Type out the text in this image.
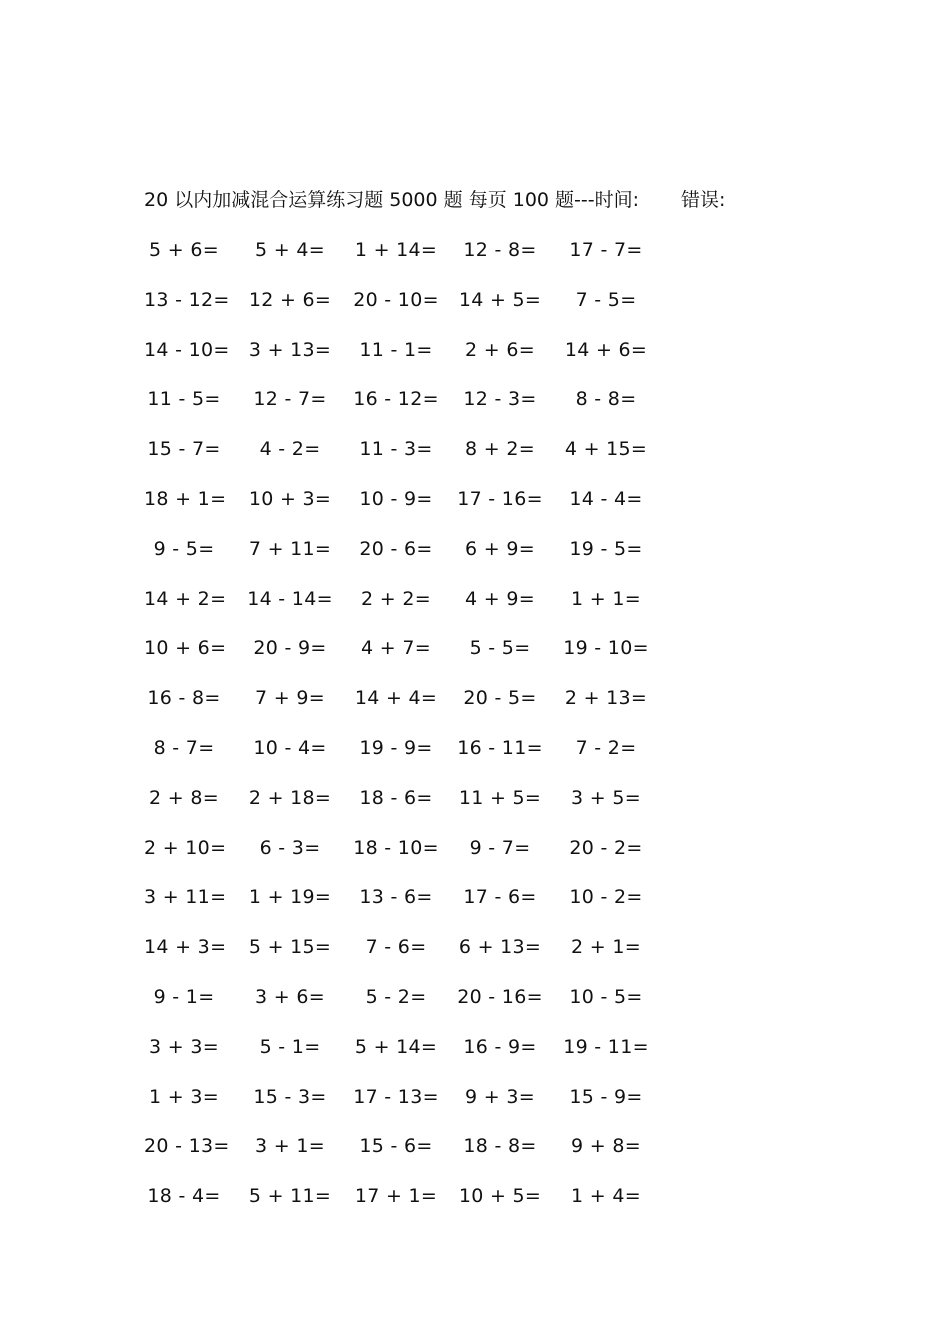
20 以内加减混合运算练习题 5000 题 每页 100 题---时间: 错误:
5 + 6= 5 + 4= 1 + 14= 12 - 8= 17 - 7=
13 - 12= 12 + 6= 20 - 10= 14 + 5= 7 - 5=
14 - 10= 3 + 13= 11 - 1= 2 + 6= 14 + 6=
11 - 5= 12 - 7= 16 - 12= 12 - 3= 8 - 8=
15 - 7= 4 - 2= 11 - 3= 8 + 2= 4 + 15=
18 + 1= 10 + 3= 10 - 9= 17 - 16= 14 - 4=
9 - 5= 7 + 11= 20 - 6= 6 + 9= 19 - 5=
14 + 2= 14 - 14= 2 + 2= 4 + 9= 1 + 1=
10 + 6= 20 - 9= 4 + 7= 5 - 5= 19 - 10=
16 - 8= 7 + 9= 14 + 4= 20 - 5= 2 + 13=
8 - 7= 10 - 4= 19 - 9= 16 - 11= 7 - 2=
2 + 8= 2 + 18= 18 - 6= 11 + 5= 3 + 5=
2 + 10= 6 - 3= 18 - 10= 9 - 7= 20 - 2=
3 + 11= 1 + 19= 13 - 6= 17 - 6= 10 - 2=
14 + 3= 5 + 15= 7 - 6= 6 + 13= 2 + 1=
9 - 1= 3 + 6= 5 - 2= 20 - 16= 10 - 5=
3 + 3= 5 - 1= 5 + 14= 16 - 9= 19 - 11=
1 + 3= 15 - 3= 17 - 13= 9 + 3= 15 - 9=
20 - 13= 3 + 1= 15 - 6= 18 - 8= 9 + 8=
18 - 4= 5 + 11= 17 + 1= 10 + 5= 1 + 4=
